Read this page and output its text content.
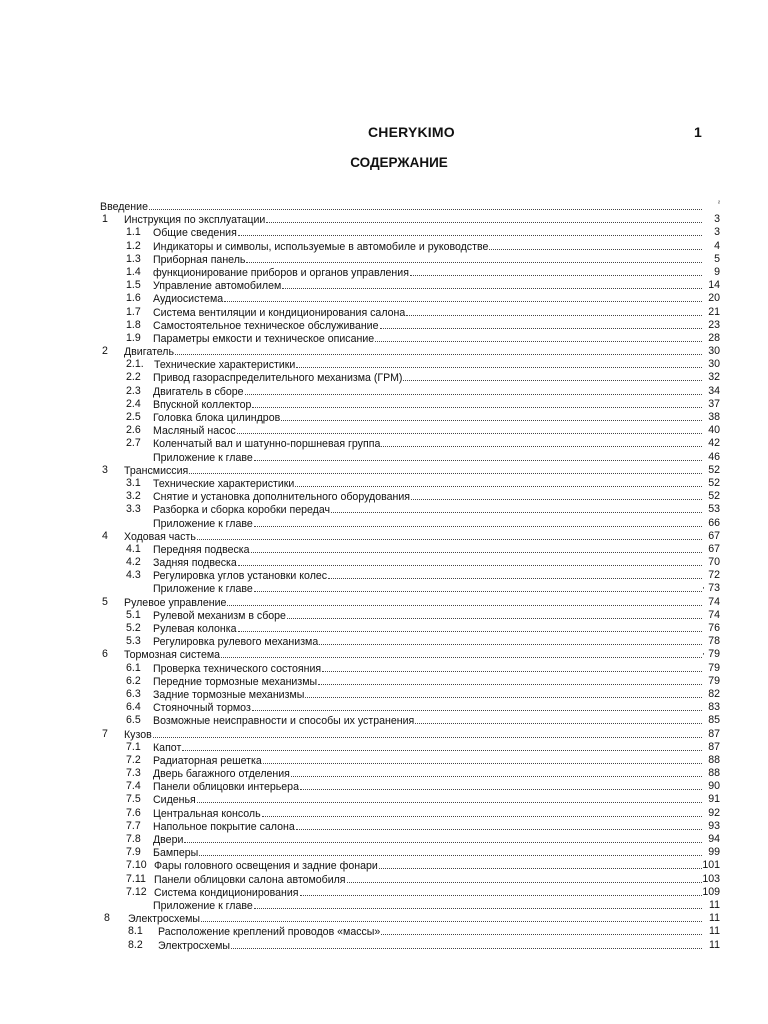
CHERYKIMO	1
СОДЕРЖАНИЕ
Введение	²
1 Инструкция по эксплуатации	3
1.1 Общие сведения	3
1.2 Индикаторы и символы, используемые в автомобиле и руководстве	4
1.3 Приборная панель	5
1.4 функционирование приборов и органов управления	9
1.5 Управление автомобилем	14
1.6 Аудиосистема	20
1.7 Система вентиляции и кондиционирования салона	21
1.8 Самостоятельное техническое обслуживание	23
1.9 Параметры емкости и техническое описание	28
2 Двигатель	30
2.1. Технические характеристики	30
2.2 Привод газораспределительного механизма (ГРМ)	32
2.3 Двигатель в сборе	34
2.4 Впускной коллектор	37
2.5 Головка блока цилиндров	38
2.6 Масляный насос	40
2.7 Коленчатый вал и шатунно-поршневая группа	42
Приложение к главе	46
3 Трансмиссия	52
3.1 Технические характеристики	52
3.2 Снятие и установка дополнительного оборудования	52
3.3 Разборка и сборка коробки передач	53
Приложение к главе	66
4 Ходовая часть	67
4.1 Передняя подвеска	67
4.2 Задняя подвеска	70
4.3 Регулировка углов установки колес	72
Приложение к главе	· 73
5 Рулевое управление	74
5.1 Рулевой механизм в сборе	74
5.2 Рулевая колонка	76
5.3 Регулировка рулевого механизма	78
6 Тормозная система	· 79
6.1 Проверка технического состояния	79
6.2 Передние тормозные механизмы	79
6.3 Задние тормозные механизмы	82
6.4 Стояночный тормоз	83
6.5 Возможные неисправности и способы их устранения	85
7 Кузов	87
7.1 Капот	87
7.2 Радиаторная решетка	88
7.3 Дверь багажного отделения	88
7.4 Панели облицовки интерьера	90
7.5 Сиденья	91
7.6 Центральная консоль	92
7.7 Напольное покрытие салона	93
7.8 Двери	94
7.9 Бамперы	99
7.10 Фары головного освещения и задние фонари	101
7.11 Панели облицовки салона автомобиля	103
7.12 Система кондиционирования	109
Приложение к главе	11
8 Электросхемы	11
8.1 Расположение креплений проводов «массы»	11
8.2 Электросхемы	11
